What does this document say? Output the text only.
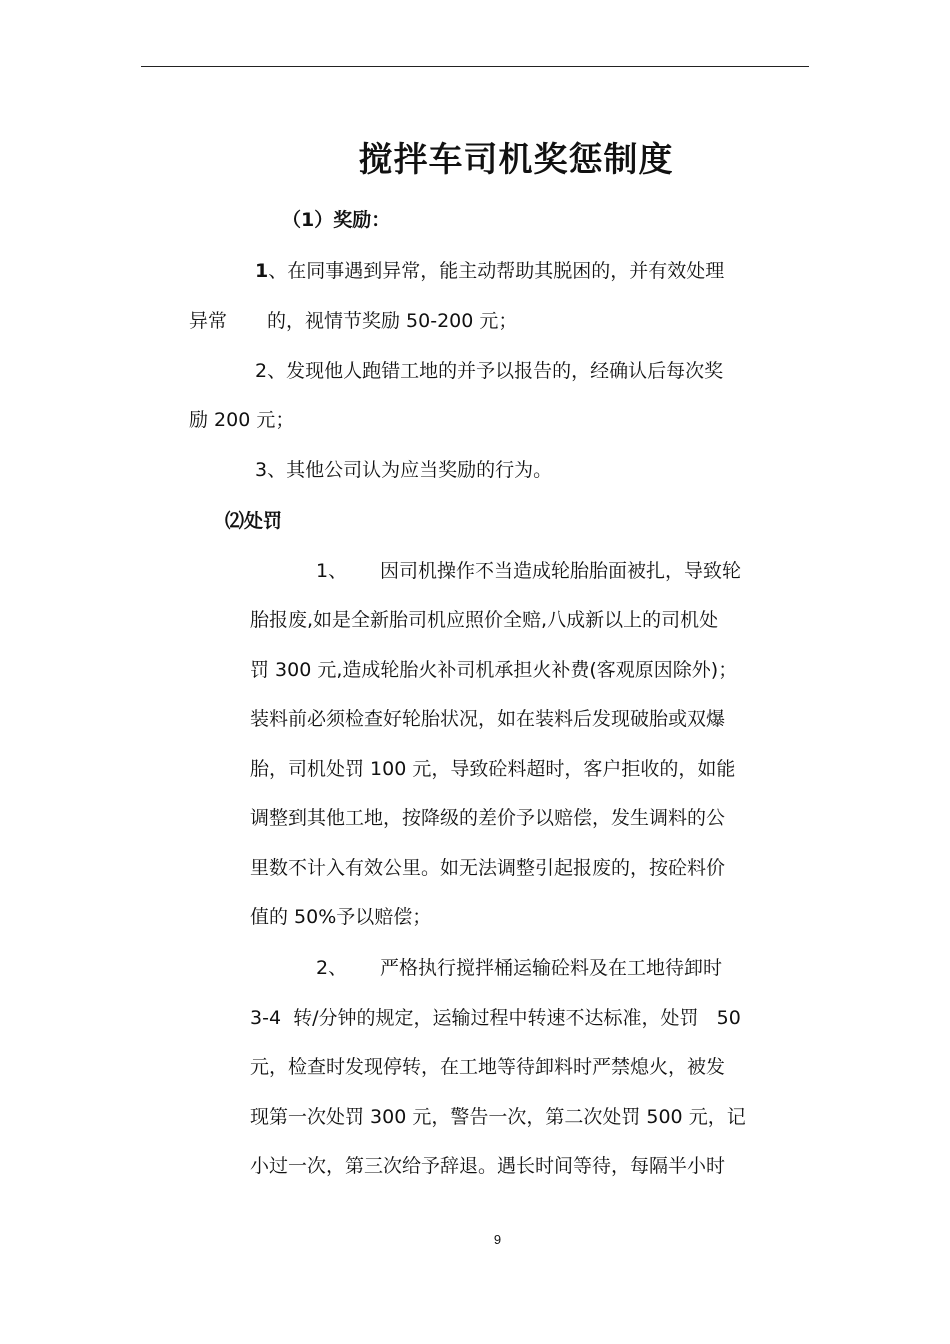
搅拌车司机奖惩制度
（1）奖励：
1、在同事遇到异常，能主动帮助其脱困的，并有效处理
异常 的，视情节奖励 50-200 元；
2、发现他人跑错工地的并予以报告的，经确认后每次奖
励 200 元；
3、其他公司认为应当奖励的行为。
⑵处罚
1、 因司机操作不当造成轮胎胎面被扎，导致轮
胎报废,如是全新胎司机应照价全赔,八成新以上的司机处
罚 300 元,造成轮胎火补司机承担火补费(客观原因除外)；
装料前必须检查好轮胎状况，如在装料后发现破胎或双爆
胎，司机处罚 100 元，导致砼料超时，客户拒收的，如能
调整到其他工地，按降级的差价予以赔偿，发生调料的公
里数不计入有效公里。如无法调整引起报废的，按砼料价
值的 50%予以赔偿；
2、 严格执行搅拌桶运输砼料及在工地待卸时
3-4  转/分钟的规定，运输过程中转速不达标准，处罚   50
元，检查时发现停转，在工地等待卸料时严禁熄火，被发
现第一次处罚 300 元，警告一次，第二次处罚 500 元，记
小过一次，第三次给予辞退。遇长时间等待，每隔半小时
9
